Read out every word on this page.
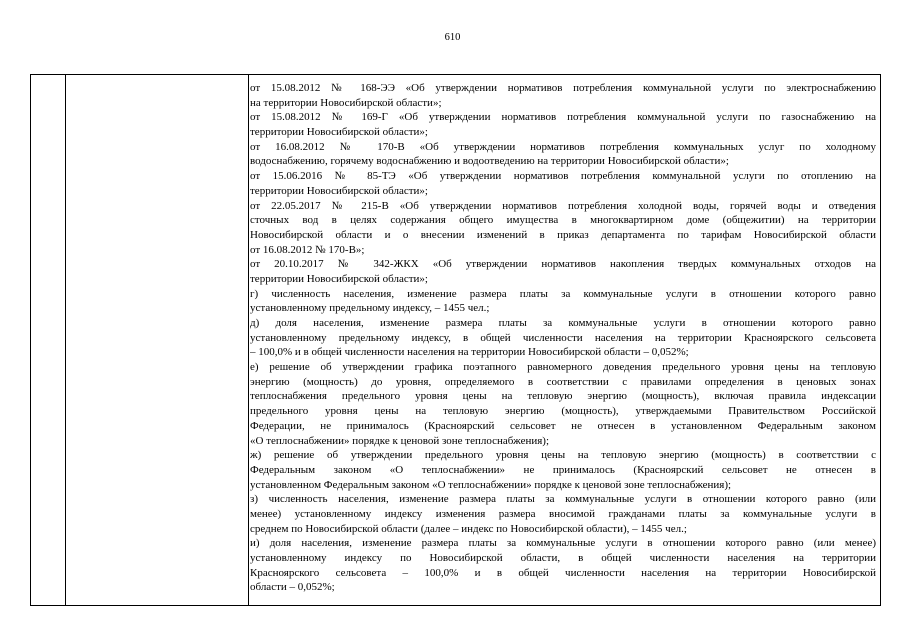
610
от 15.08.2012 № 168-ЭЭ «Об утверждении нормативов потребления коммунальной услуги по электроснабжению
на территории Новосибирской области»;
от 15.08.2012 № 169-Г «Об утверждении нормативов потребления коммунальной услуги по газоснабжению на
территории Новосибирской области»;
от 16.08.2012 № 170-В «Об утверждении нормативов потребления коммунальных услуг по холодному
водоснабжению, горячему водоснабжению и водоотведению на территории Новосибирской области»;
от 15.06.2016 № 85-ТЭ «Об утверждении нормативов потребления коммунальной услуги по отоплению на
территории Новосибирской области»;
от 22.05.2017 № 215-В «Об утверждении нормативов потребления холодной воды, горячей воды и отведения
сточных вод в целях содержания общего имущества в многоквартирном доме (общежитии) на территории
Новосибирской области и о внесении изменений в приказ департамента по тарифам Новосибирской области
от 16.08.2012 № 170-В»;
от 20.10.2017 № 342-ЖКХ «Об утверждении нормативов накопления твердых коммунальных отходов на
территории Новосибирской области»;
г) численность населения, изменение размера платы за коммунальные услуги в отношении которого равно
установленному предельному индексу, – 1455 чел.;
д) доля населения, изменение размера платы за коммунальные услуги в отношении которого равно
установленному предельному индексу, в общей численности населения на территории Красноярского сельсовета
– 100,0% и в общей численности населения на территории Новосибирской области – 0,052%;
е) решение об утверждении графика поэтапного равномерного доведения предельного уровня цены на тепловую
энергию (мощность) до уровня, определяемого в соответствии с правилами определения в ценовых зонах
теплоснабжения предельного уровня цены на тепловую энергию (мощность), включая правила индексации
предельного уровня цены на тепловую энергию (мощность), утверждаемыми Правительством Российской
Федерации, не принималось (Красноярский сельсовет не отнесен в установленном Федеральным законом
«О теплоснабжении» порядке к ценовой зоне теплоснабжения);
ж) решение об утверждении предельного уровня цены на тепловую энергию (мощность) в соответствии с
Федеральным законом «О теплоснабжении» не принималось (Красноярский сельсовет не отнесен в
установленном Федеральным законом «О теплоснабжении» порядке к ценовой зоне теплоснабжения);
з) численность населения, изменение размера платы за коммунальные услуги в отношении которого равно (или
менее) установленному индексу изменения размера вносимой гражданами платы за коммунальные услуги в
среднем по Новосибирской области (далее – индекс по Новосибирской области), – 1455 чел.;
и) доля населения, изменение размера платы за коммунальные услуги в отношении которого равно (или менее)
установленному индексу по Новосибирской области, в общей численности населения на территории
Красноярского сельсовета – 100,0% и в общей численности населения на территории Новосибирской
области – 0,052%;
